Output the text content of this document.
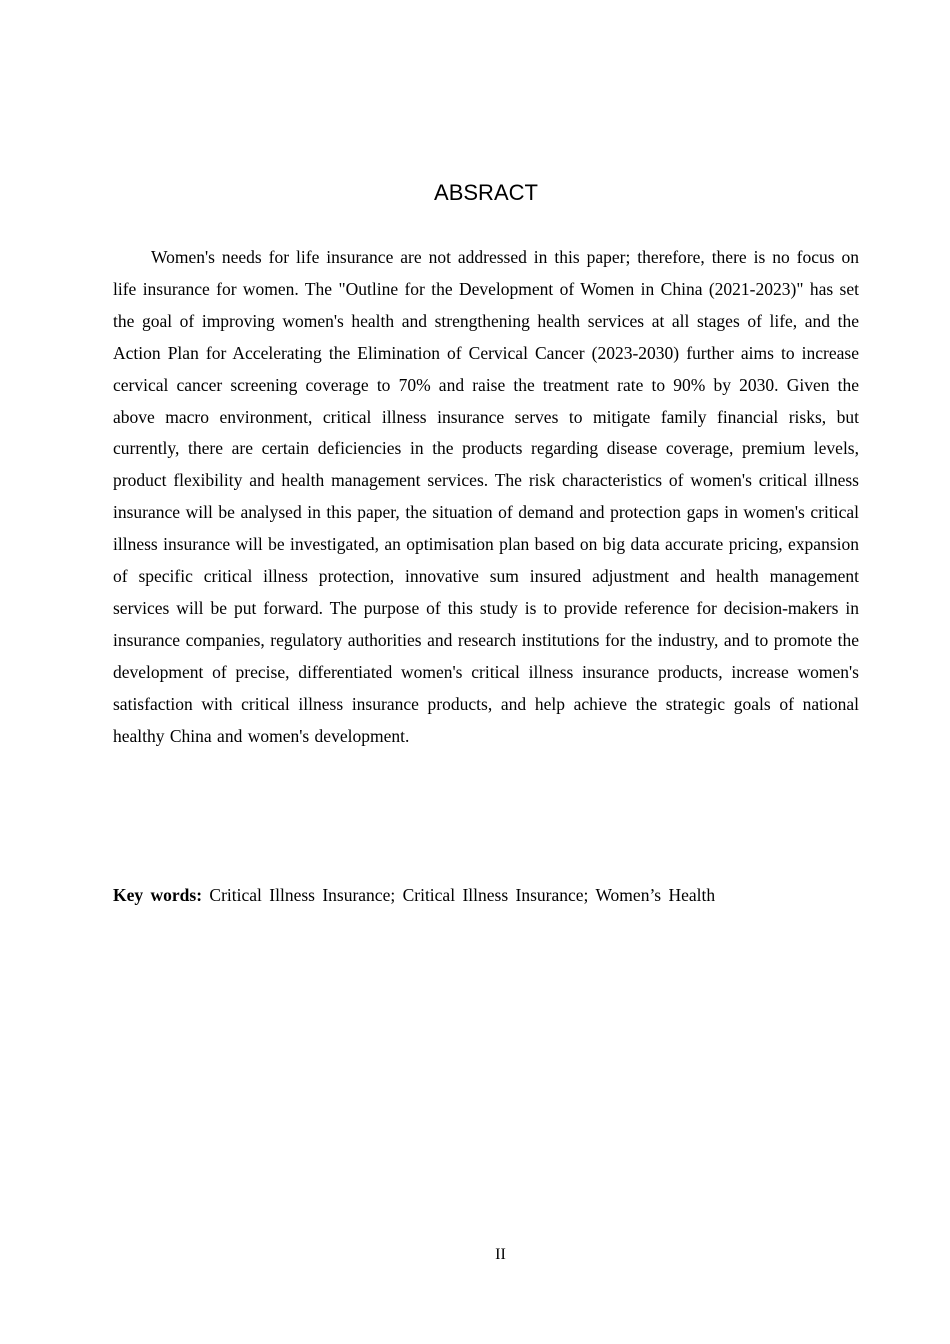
ABSRACT

Women's needs for life insurance are not addressed in this paper; therefore, there is no focus on life insurance for women. The "Outline for the Development of Women in China (2021-2023)" has set the goal of improving women's health and strengthening health services at all stages of life, and the Action Plan for Accelerating the Elimination of Cervical Cancer (2023-2030) further aims to increase cervical cancer screening coverage to 70% and raise the treatment rate to 90% by 2030. Given the above macro environment, critical illness insurance serves to mitigate family financial risks, but currently, there are certain deficiencies in the products regarding disease coverage, premium levels, product flexibility and health management services. The risk characteristics of women's critical illness insurance will be analysed in this paper, the situation of demand and protection gaps in women's critical illness insurance will be investigated, an optimisation plan based on big data accurate pricing, expansion of specific critical illness protection, innovative sum insured adjustment and health management services will be put forward. The purpose of this study is to provide reference for decision-makers in insurance companies, regulatory authorities and research institutions for the industry, and to promote the development of precise, differentiated women's critical illness insurance products, increase women's satisfaction with critical illness insurance products, and help achieve the strategic goals of national healthy China and women's development.

Key words: Critical Illness Insurance; Critical Illness Insurance; Women’s Health

II
